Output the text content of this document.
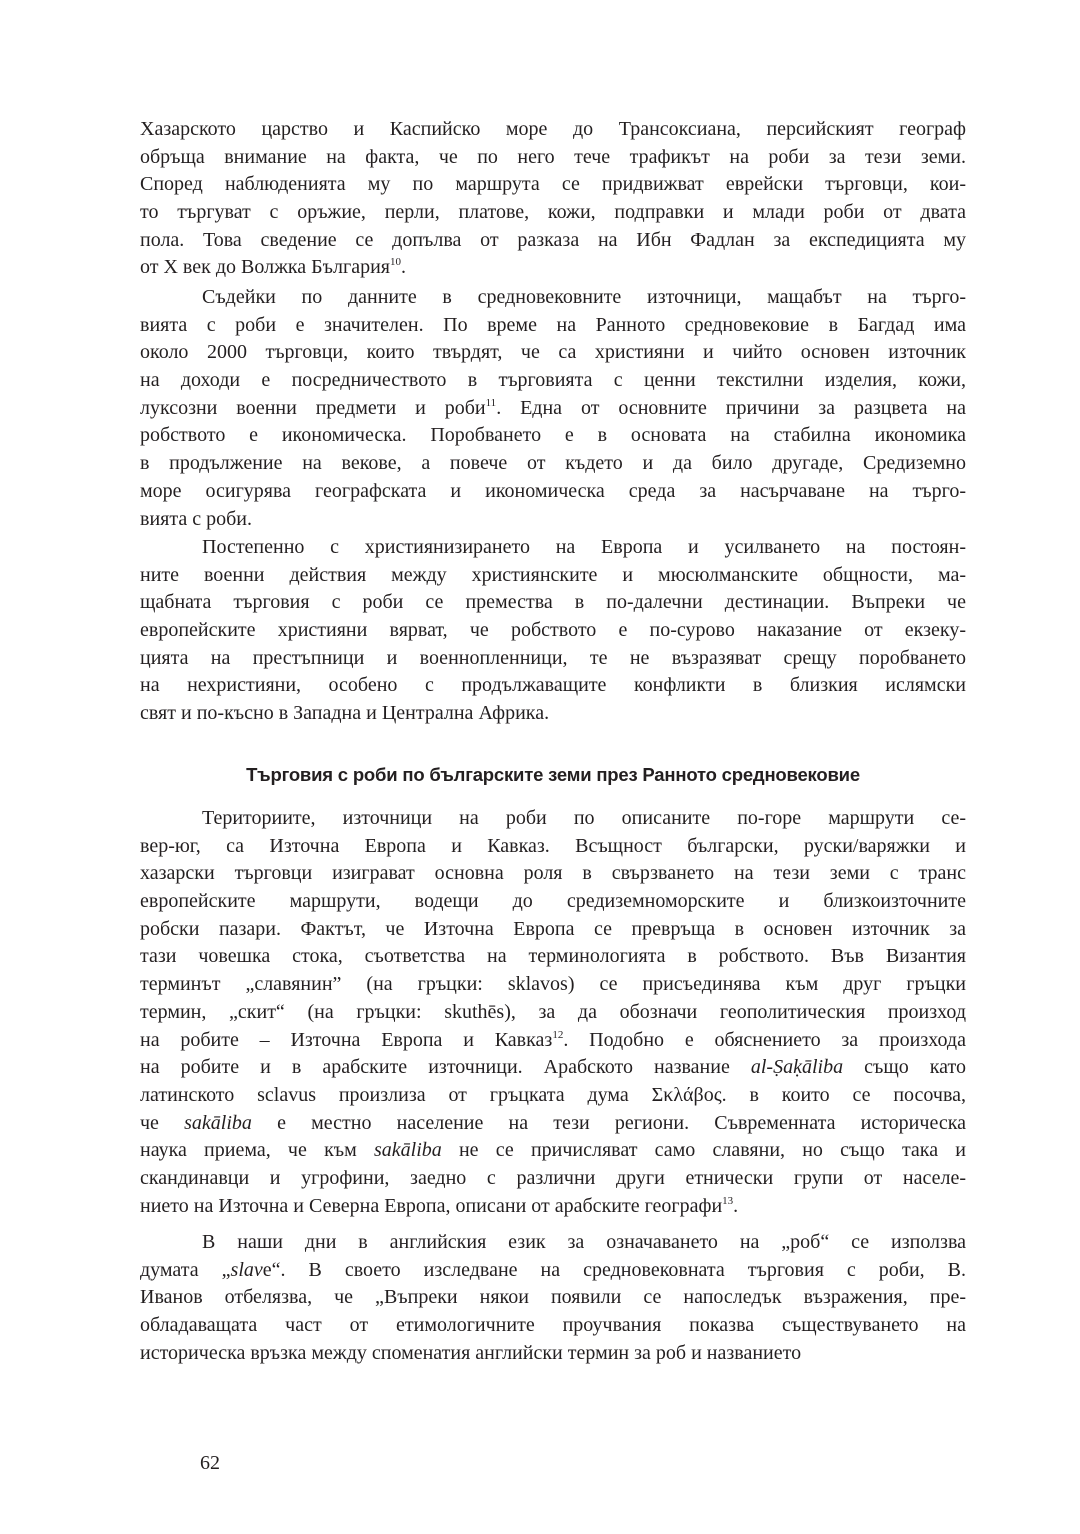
Хазарското царство и Каспийско море до Трансоксиана, персийският географ
обръща внимание на факта, че по него тече трафикът на роби за тези земи.
Според наблюденията му по маршрута се придвижват еврейски търговци, кои-
то търгуват с оръжие, перли, платове, кожи, подправки и млади роби от двата
пола. Това сведение се допълва от разказа на Ибн Фадлан за експедицията му
от Х век до Волжка България$^{10}$.
Съдейки по данните в средновековните източници, мащабът на търго-
вията с роби е значителен. По време на Ранното средновековие в Багдад има
около 2000 търговци, които твърдят, че са християни и чийто основен източник
на доходи е посредничеството в търговията с ценни текстилни изделия, кожи,
луксозни военни предмети и роби$^{11}$. Една от основните причини за разцвета на
робството е икономическа. Поробването е в основата на стабилна икономика
в продължение на векове, а повече от където и да било другаде, Средиземно
море осигурява географската и икономическа среда за насърчаване на търго-
вията с роби.
Постепенно с християнизирането на Европа и усилването на постоян-
ните военни действия между християнските и мюсюлманските общности, ма-
щабната търговия с роби се премества в по-далечни дестинации. Въпреки че
европейските християни вярват, че робството е по-сурово наказание от екзеку-
цията на престъпници и военнопленници, те не възразяват срещу поробването
на нехристияни, особено с продължаващите конфликти в близкия ислямски
свят и по-късно в Западна и Централна Африка.
Търговия с роби по българските земи през Ранното средновековие
Териториите, източници на роби по описаните по-горе маршрути се-
вер-юг, са Източна Европа и Кавказ. Всъщност български, руски/варяжки и
хазарски търговци изиграват основна роля в свързването на тези земи с транс
европейските маршрути, водещи до средиземноморските и близкоизточните
робски пазари. Фактът, че Източна Европа се превръща в основен източник за
тази човешка стока, съответства на терминологията в робството. Във Византия
терминът „славянин” (на гръцки: sklavos) се присъединява към друг гръцки
термин, „скит“ (на гръцки: skuthēs), за да обозначи геополитическия произход
на робите – Източна Европа и Кавказ$^{12}$. Подобно е обяснението за произхода
на робите и в арабските източници. Арабското название al-Ṣaḳāliba също като
латинското sclavus произлиза от гръцката дума Σκλάβος. в които се посочва,
че sakāliba е местно население на тези региони. Съвременната историческа
наука приема, че към sakāliba не се причисляват само славяни, но също така и
скандинавци и угрофини, заедно с различни други етнически групи от населе-
нието на Източна и Северна Европа, описани от арабските географи$^{13}$.
В наши дни в английския език за означаването на „роб“ се използва
думата „slave“. В своето изследване на средновековната търговия с роби, В.
Иванов отбелязва, че „Въпреки някои появили се напоследък възражения, пре-
обладаващата част от етимологичните проучвания показва съществуването на
историческа връзка между споменатия английски термин за роб и названието
62
